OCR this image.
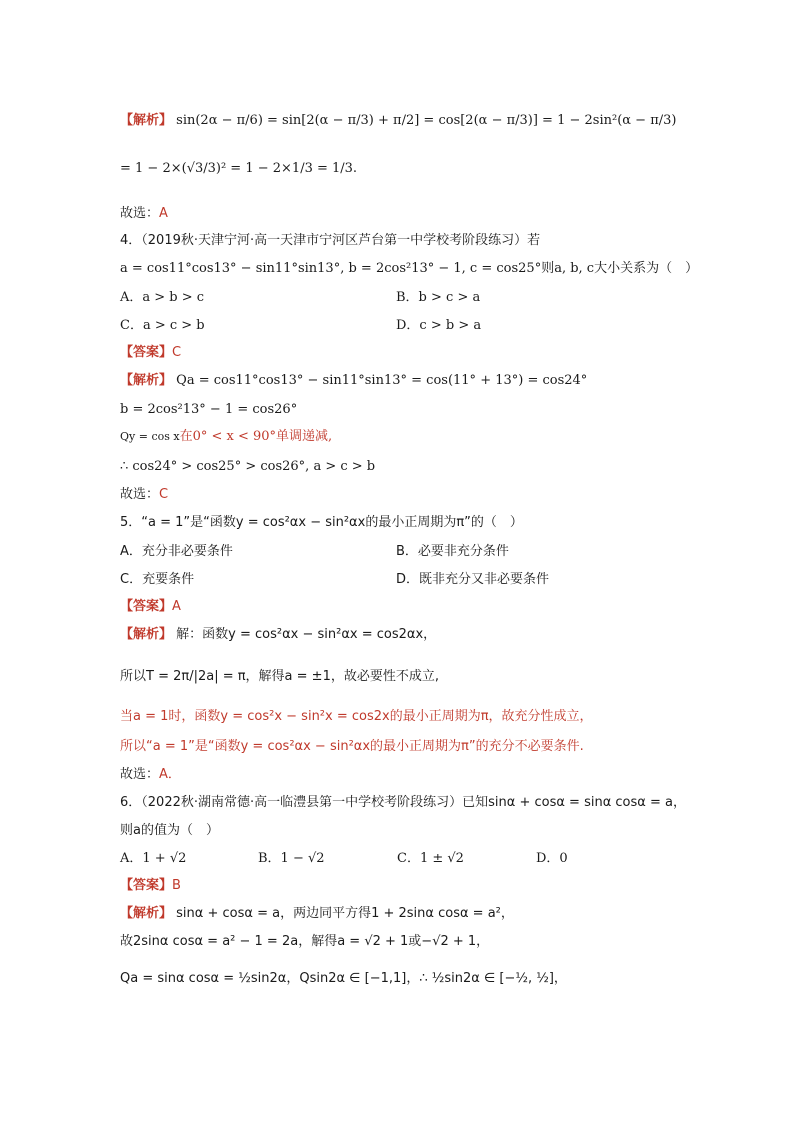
【解析】 sin(2α − π/6) = sin[2(α − π/3) + π/2] = cos[2(α − π/3)] = 1 − 2sin²(α − π/3)
= 1 − 2×(√3/3)² = 1 − 2×1/3 = 1/3.
故选：A
4．（2019秋·天津宁河·高一天津市宁河区芦台第一中学校考阶段练习）若
a = cos11°cos13° − sin11°sin13°, b = 2cos²13° − 1, c = cos25°则a, b, c大小关系为（　）
A．a > b > c	B．b > c > a
C．a > c > b	D．c > b > a
【答案】C
【解析】 Qa = cos11°cos13° − sin11°sin13° = cos(11° + 13°) = cos24°
b = 2cos²13° − 1 = cos26°
Qy = cos x在0° < x < 90°单调递减,
∴ cos24° > cos25° > cos26°, a > c > b
故选：C
5．“a = 1”是“函数y = cos²αx − sin²αx的最小正周期为π”的（　）
A．充分非必要条件	B．必要非充分条件
C．充要条件	D．既非充分又非必要条件
【答案】A
【解析】 解：函数y = cos²αx − sin²αx = cos2αx，
所以T = 2π/|2a| = π，解得a = ±1，故必要性不成立,
当a = 1时，函数y = cos²x − sin²x = cos2x的最小正周期为π，故充分性成立，
所以“a = 1”是“函数y = cos²αx − sin²αx的最小正周期为π”的充分不必要条件.
故选：A．
6．（2022秋·湖南常德·高一临澧县第一中学校考阶段练习）已知sinα + cosα = sinα cosα = a，
则a的值为（　）
A．1 + √2	B．1 − √2	C．1 ± √2	D．0
【答案】B
【解析】 sinα + cosα = a，两边同平方得1 + 2sinα cosα = a²，
故2sinα cosα = a² − 1 = 2a，解得a = √2 + 1或−√2 + 1，
Qa = sinα cosα = ½sin2α，Qsin2α ∈ [−1,1]，∴ ½sin2α ∈ [−½, ½]，
